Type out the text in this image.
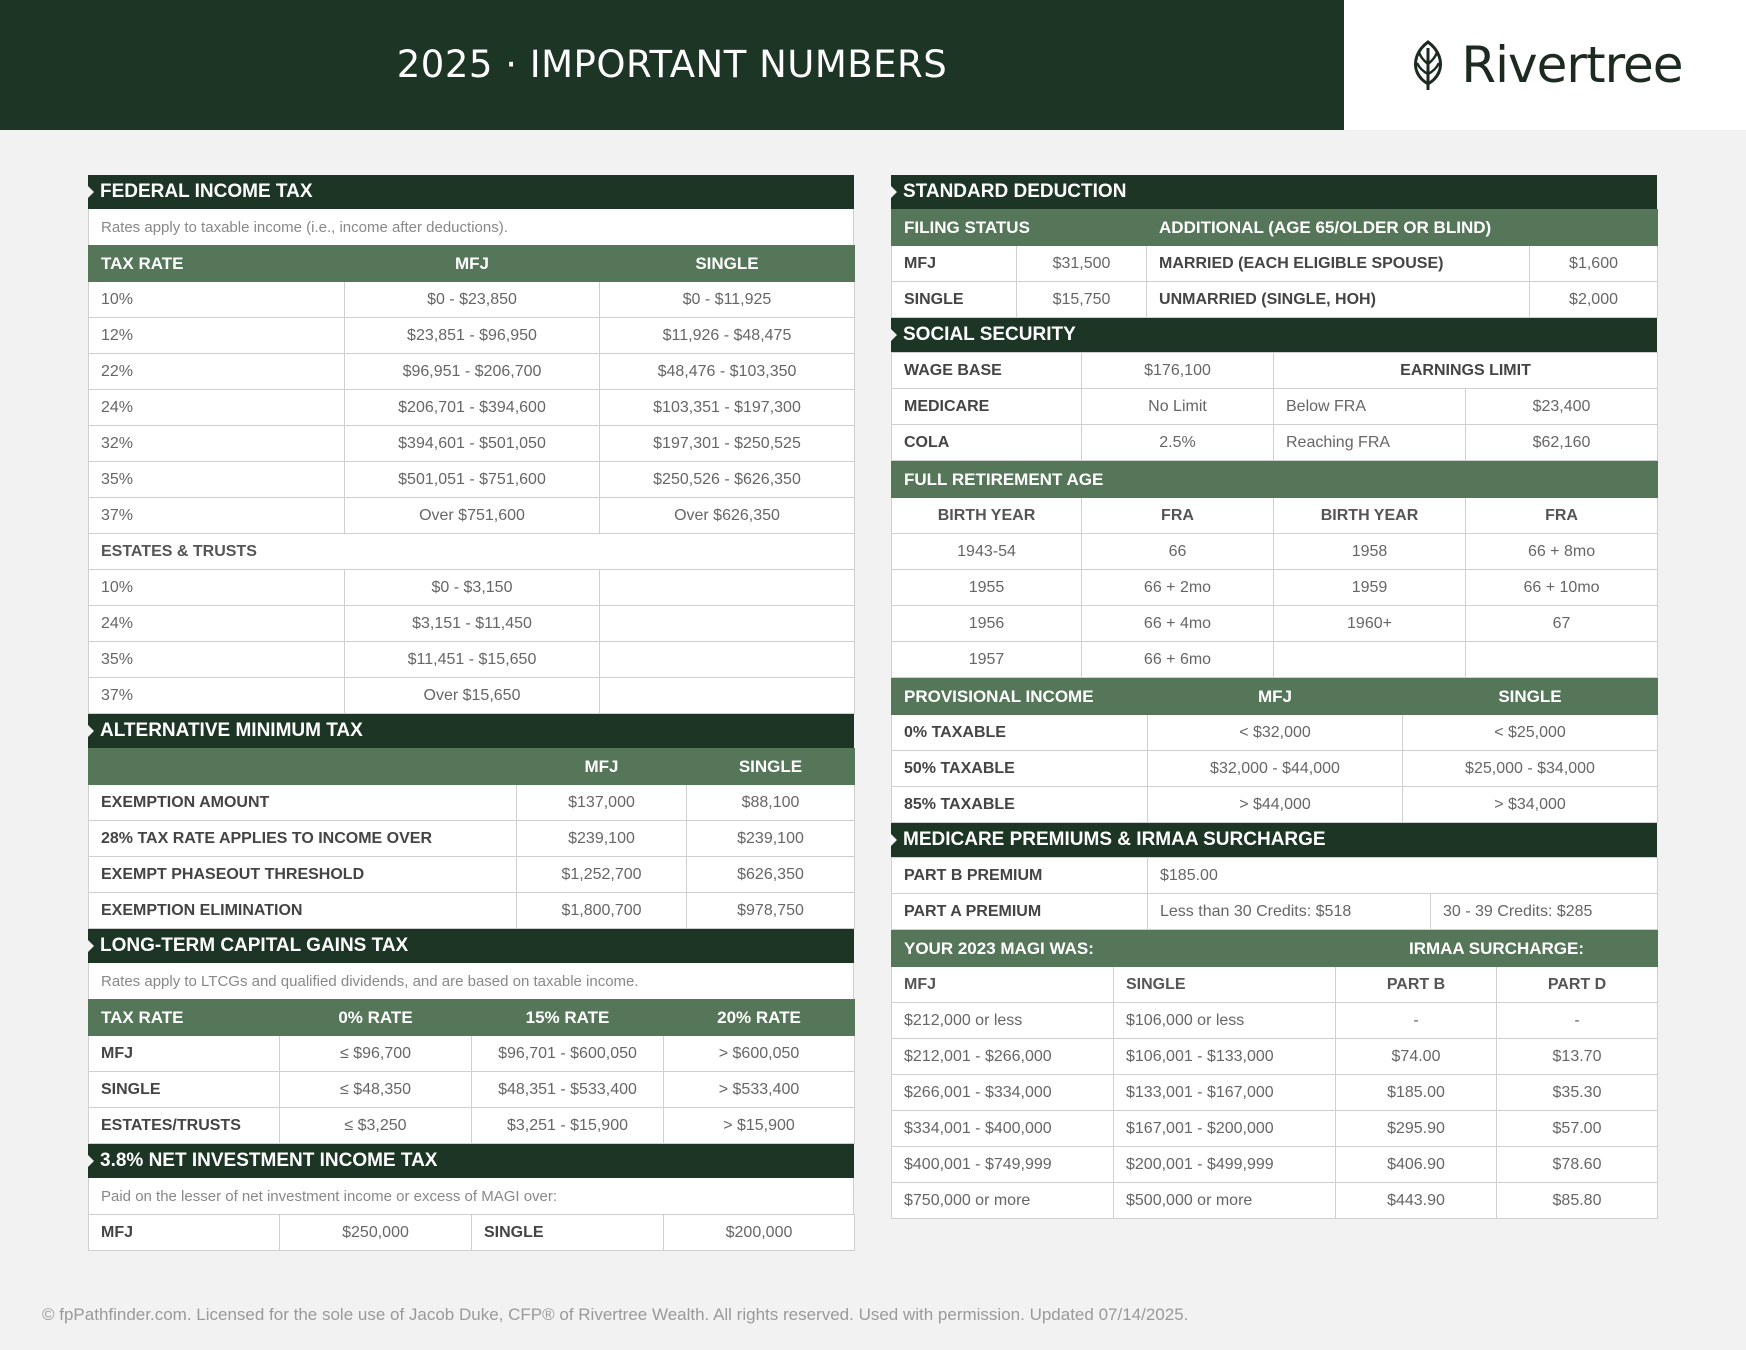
2025 · IMPORTANT NUMBERS	Rivertree
FEDERAL INCOME TAX
Rates apply to taxable income (i.e., income after deductions).
TAX RATE	MFJ	SINGLE
10%	$0 - $23,850	$0 - $11,925
12%	$23,851 - $96,950	$11,926 - $48,475
22%	$96,951 - $206,700	$48,476 - $103,350
24%	$206,701 - $394,600	$103,351 - $197,300
32%	$394,601 - $501,050	$197,301 - $250,525
35%	$501,051 - $751,600	$250,526 - $626,350
37%	Over $751,600	Over $626,350
ESTATES & TRUSTS		
10%	$0 - $3,150	
24%	$3,151 - $11,450	
35%	$11,451 - $15,650	
37%	Over $15,650	
ALTERNATIVE MINIMUM TAX
	MFJ	SINGLE
EXEMPTION AMOUNT	$137,000	$88,100
28% TAX RATE APPLIES TO INCOME OVER	$239,100	$239,100
EXEMPT PHASEOUT THRESHOLD	$1,252,700	$626,350
EXEMPTION ELIMINATION	$1,800,700	$978,750
LONG-TERM CAPITAL GAINS TAX
Rates apply to LTCGs and qualified dividends, and are based on taxable income.
TAX RATE	0% RATE	15% RATE	20% RATE
MFJ	≤ $96,700	$96,701 - $600,050	> $600,050
SINGLE	≤ $48,350	$48,351 - $533,400	> $533,400
ESTATES/TRUSTS	≤ $3,250	$3,251 - $15,900	> $15,900
3.8% NET INVESTMENT INCOME TAX
Paid on the lesser of net investment income or excess of MAGI over:
MFJ	$250,000	SINGLE	$200,000
STANDARD DEDUCTION
FILING STATUS		ADDITIONAL (AGE 65/OLDER OR BLIND)	
MFJ	$31,500	MARRIED (EACH ELIGIBLE SPOUSE)	$1,600
SINGLE	$15,750	UNMARRIED (SINGLE, HOH)	$2,000
SOCIAL SECURITY
WAGE BASE	$176,100	EARNINGS LIMIT	
MEDICARE	No Limit	Below FRA	$23,400
COLA	2.5%	Reaching FRA	$62,160
FULL RETIREMENT AGE			
BIRTH YEAR	FRA	BIRTH YEAR	FRA
1943-54	66	1958	66 + 8mo
1955	66 + 2mo	1959	66 + 10mo
1956	66 + 4mo	1960+	67
1957	66 + 6mo		
PROVISIONAL INCOME	MFJ	SINGLE
0% TAXABLE	< $32,000	< $25,000
50% TAXABLE	$32,000 - $44,000	$25,000 - $34,000
85% TAXABLE	> $44,000	> $34,000
MEDICARE PREMIUMS & IRMAA SURCHARGE
PART B PREMIUM	$185.00	
PART A PREMIUM	Less than 30 Credits: $518	30 - 39 Credits: $285
YOUR 2023 MAGI WAS:		IRMAA SURCHARGE:	
MFJ	SINGLE	PART B	PART D
$212,000 or less	$106,000 or less	-	-
$212,001 - $266,000	$106,001 - $133,000	$74.00	$13.70
$266,001 - $334,000	$133,001 - $167,000	$185.00	$35.30
$334,001 - $400,000	$167,001 - $200,000	$295.90	$57.00
$400,001 - $749,999	$200,001 - $499,999	$406.90	$78.60
$750,000 or more	$500,000 or more	$443.90	$85.80
© fpPathfinder.com. Licensed for the sole use of Jacob Duke, CFP® of Rivertree Wealth. All rights reserved. Used with permission. Updated 07/14/2025.
